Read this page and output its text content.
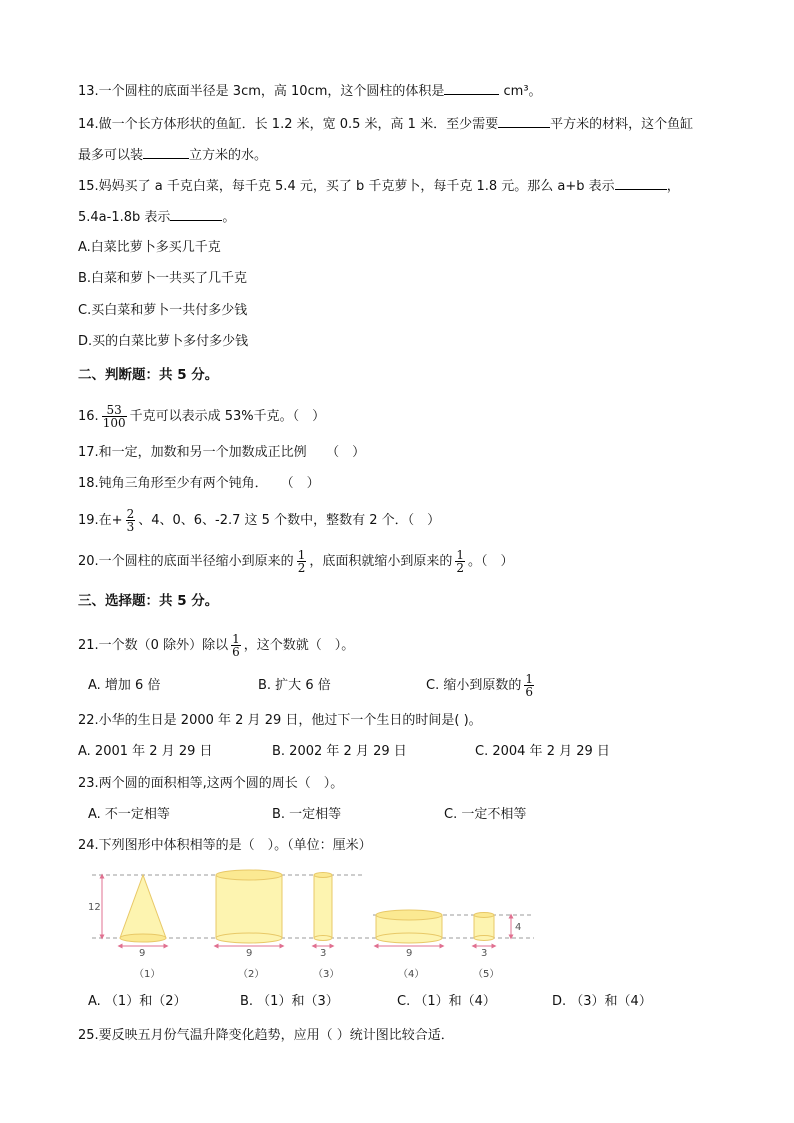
13.一个圆柱的底面半径是 3cm，高 10cm，这个圆柱的体积是	cm³。
14.做一个长方体形状的鱼缸．长 1.2 米，宽 0.5 米，高 1 米．至少需要	平方米的材料，这个鱼缸
最多可以装	立方米的水。
15.妈妈买了 a 千克白菜，每千克 5.4 元，买了 b 千克萝卜，每千克 1.8 元。那么 a+b 表示	，
5.4a-1.8b 表示	。
A.白菜比萝卜多买几千克
B.白菜和萝卜一共买了几千克
C.买白菜和萝卜一共付多少钱
D.买的白菜比萝卜多付多少钱
二、判断题：共 5 分。
16. $\frac{53}{100}$ 千克可以表示成 53%千克。（　）
17.和一定，加数和另一个加数成正比例　　（　）
18.钝角三角形至少有两个钝角．　　（　）
19.在+ $\frac{2}{3}$ 、4、0、6、-2.7 这 5 个数中，整数有 2 个．（　）
20.一个圆柱的底面半径缩小到原来的 $\frac{1}{2}$ ，底面积就缩小到原来的 $\frac{1}{2}$ 。（　）
三、选择题：共 5 分。
21.一个数（0 除外）除以 $\frac{1}{6}$ ，这个数就（　）。
A. 增加 6 倍	B. 扩大 6 倍	C. 缩小到原数的 $\frac{1}{6}$
22.小华的生日是 2000 年 2 月 29 日，他过下一个生日的时间是( )。
A. 2001 年 2 月 29 日	B. 2002 年 2 月 29 日	C. 2004 年 2 月 29 日
23.两个圆的面积相等,这两个圆的周长（　）。
A. 不一定相等	B. 一定相等	C. 一定不相等
24.下列图形中体积相等的是（　）。（单位：厘米）
12
4
9	9	3	9	3
（1）	（2）	（3）	（4）	（5）
A. （1）和（2）	B. （1）和（3）	C. （1）和（4）	D. （3）和（4）
25.要反映五月份气温升降变化趋势，应用（ ）统计图比较合适．
